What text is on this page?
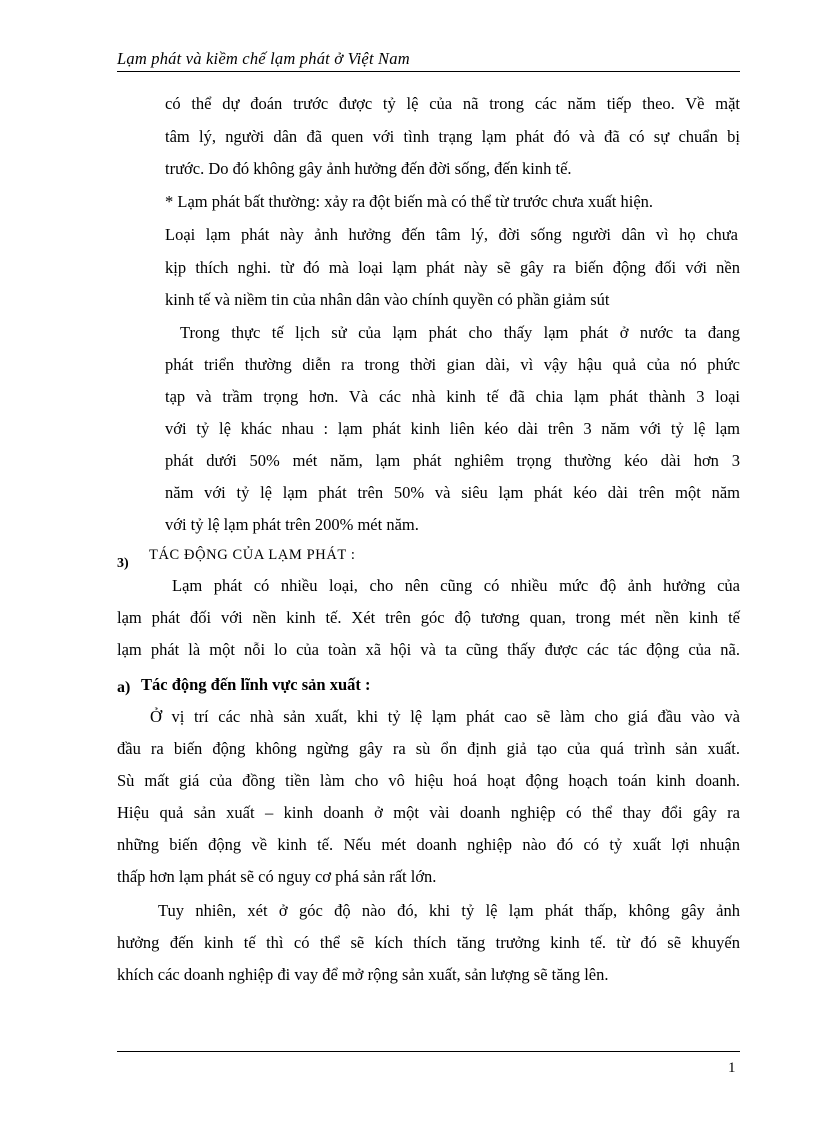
Lạm phát và kiềm chế lạm phát ở Việt Nam
có thể dự đoán trước được tỷ lệ của nã trong các năm tiếp theo. Về mặt
tâm lý, người dân đã quen với tình trạng lạm phát đó và đã có sự chuẩn bị
trước. Do đó không gây ảnh hưởng đến đời sống, đến kinh tế.
* Lạm phát bất thường: xảy ra đột biến mà có thể từ trước chưa xuất hiện.
Loại lạm phát này ảnh hưởng đến tâm lý, đời sống người dân vì họ chưa
kịp thích nghi. từ đó mà loại lạm phát này sẽ gây ra biến động đối với nền
kinh tế và niềm tin của nhân dân vào chính quyền có phần giảm sút
Trong thực tế lịch sử của lạm phát cho thấy lạm phát ở nước ta đang
phát triển thường diễn ra trong thời gian dài, vì vậy hậu quả của nó phức
tạp và trầm trọng hơn. Và các nhà kinh tế đã chia lạm phát thành 3 loại
với tỷ lệ khác nhau : lạm phát kinh liên kéo dài trên 3 năm với tỷ lệ lạm
phát dưới 50% mét năm, lạm phát nghiêm trọng thường kéo dài hơn 3
năm với tỷ lệ lạm phát trên 50% và siêu lạm phát kéo dài trên một năm
với tỷ lệ lạm phát trên 200% mét năm.
3)
TÁC ĐỘNG CỦA LẠM PHÁT :
Lạm phát có nhiều loại, cho nên cũng có nhiều mức độ ảnh hưởng của
lạm phát đối với nền kinh tế. Xét trên góc độ tương quan, trong mét nền kinh tế
lạm phát là một nỗi lo của toàn xã hội và ta cũng thấy được các tác động của nã.
a) Tác động đến lĩnh vực sản xuất :
Ở vị trí các nhà sản xuất, khi tỷ lệ lạm phát cao sẽ làm cho giá đầu vào và
đầu ra biến động không ngừng gây ra sù ổn định giả tạo của quá trình sản xuất.
Sù mất giá của đồng tiền làm cho vô hiệu hoá hoạt động hoạch toán kinh doanh.
Hiệu quả sản xuất – kinh doanh ở một vài doanh nghiệp có thể thay đổi gây ra
những biến động về kinh tế. Nếu mét doanh nghiệp nào đó có tỷ xuất lợi nhuận
thấp hơn lạm phát sẽ có nguy cơ phá sản rất lớn.
Tuy nhiên, xét ở góc độ nào đó, khi tỷ lệ lạm phát thấp, không gây ảnh
hưởng đến kinh tế thì có thể sẽ kích thích tăng trưởng kinh tế. từ đó sẽ khuyến
khích các doanh nghiệp đi vay để mở rộng sản xuất, sản lượng sẽ tăng lên.
1
